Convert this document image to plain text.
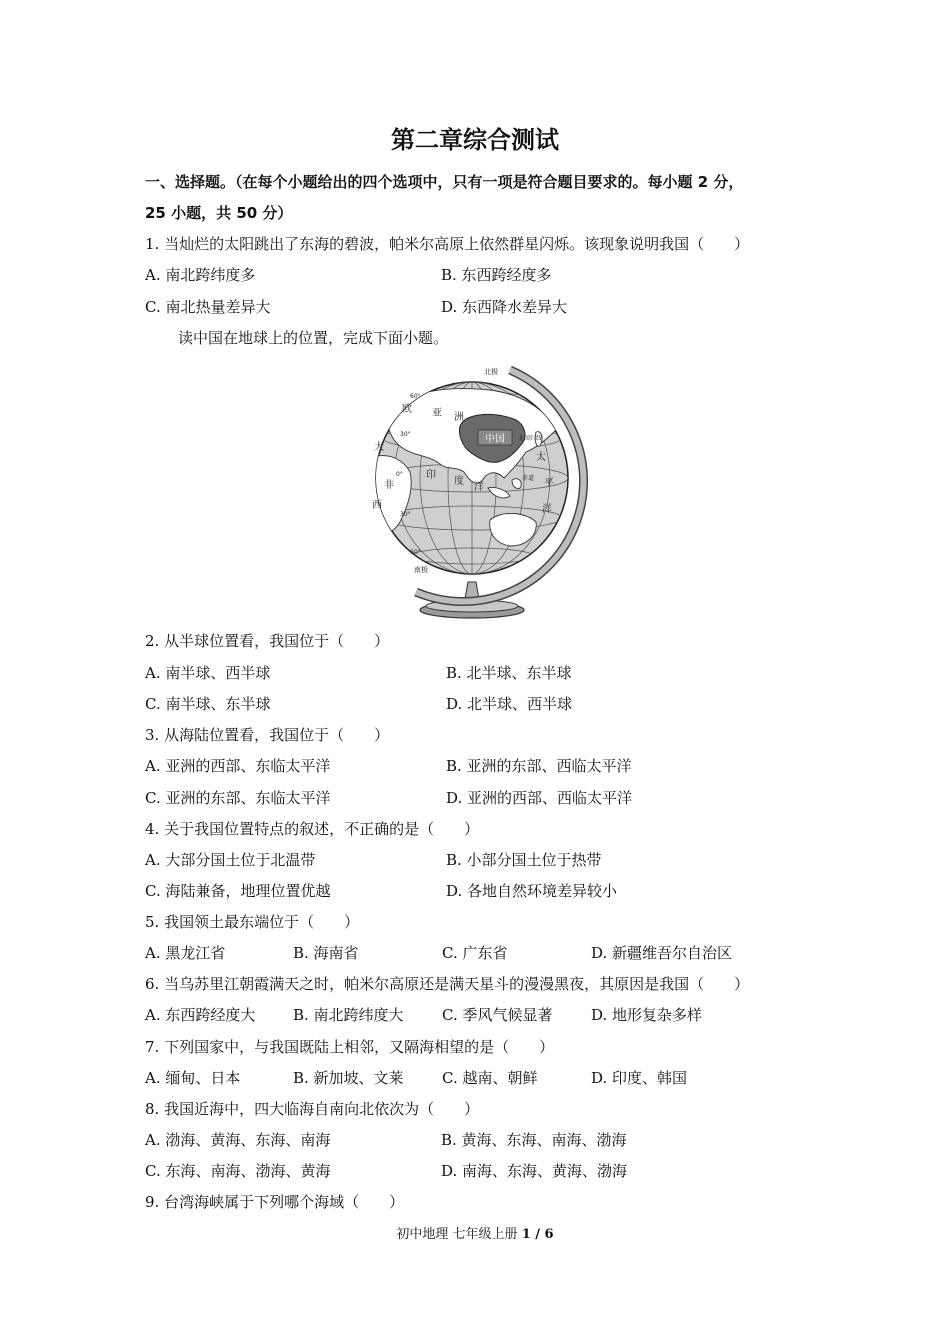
第二章综合测试
一、选择题。（在每个小题给出的四个选项中，只有一项是符合题目要求的。每小题 2 分，
25 小题，共 50 分）
1. 当灿烂的太阳跳出了东海的碧波，帕米尔高原上依然群星闪烁。该现象说明我国（　　）
A. 南北跨纬度多	B. 东西跨经度多
C. 南北热量差异大	D. 东西降水差异大
读中国在地球上的位置，完成下面小题。
中国
亚 洲
欧
非
大
西
印
度
洋
太
平
洋
北回归线
赤道
60°
30°
0°
30°
60°
北极
南极
2. 从半球位置看，我国位于（　　）
A. 南半球、西半球	B. 北半球、东半球
C. 南半球、东半球	D. 北半球、西半球
3. 从海陆位置看，我国位于（　　）
A. 亚洲的西部、东临太平洋	B. 亚洲的东部、西临太平洋
C. 亚洲的东部、东临太平洋	D. 亚洲的西部、西临太平洋
4. 关于我国位置特点的叙述，不正确的是（　　）
A. 大部分国土位于北温带	B. 小部分国土位于热带
C. 海陆兼备，地理位置优越	D. 各地自然环境差异较小
5. 我国领土最东端位于（　　）
A. 黑龙江省	B. 海南省	C. 广东省	D. 新疆维吾尔自治区
6. 当乌苏里江朝霞满天之时，帕米尔高原还是满天星斗的漫漫黑夜，其原因是我国（　　）
A. 东西跨经度大	B. 南北跨纬度大	C. 季风气候显著	D. 地形复杂多样
7. 下列国家中，与我国既陆上相邻，又隔海相望的是（　　）
A. 缅甸、日本	B. 新加坡、文莱	C. 越南、朝鲜	D. 印度、韩国
8. 我国近海中，四大临海自南向北依次为（　　）
A. 渤海、黄海、东海、南海	B. 黄海、东海、南海、渤海
C. 东海、南海、渤海、黄海	D. 南海、东海、黄海、渤海
9. 台湾海峡属于下列哪个海域（　　）
初中地理 七年级上册 1 / 6
